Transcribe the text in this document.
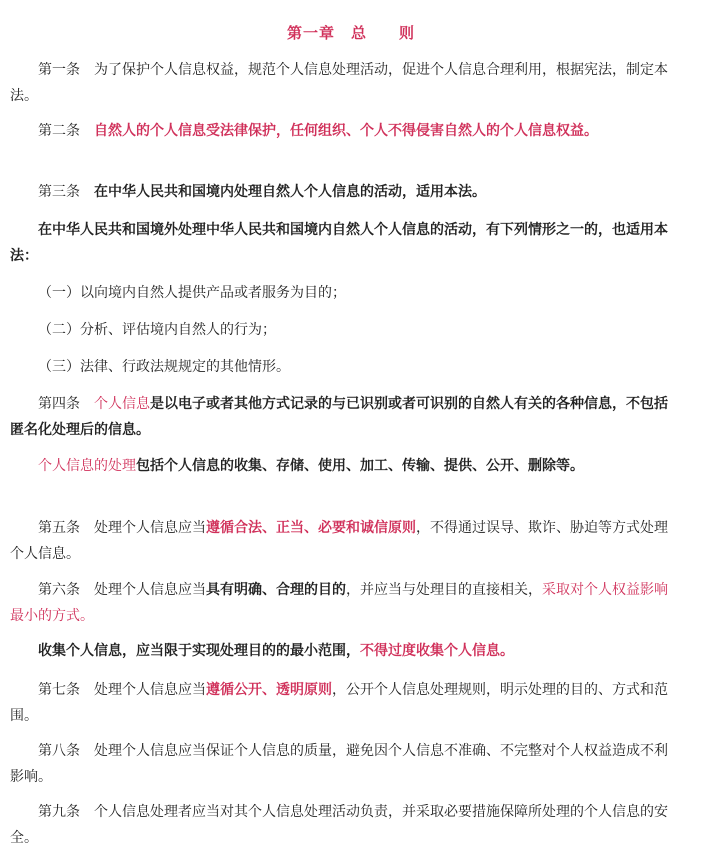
第一章　总　　则
第一条 为了保护个人信息权益，规范个人信息处理活动，促进个人信息合理利用，根据宪法，制定本法。
第二条 自然人的个人信息受法律保护，任何组织、个人不得侵害自然人的个人信息权益。
第三条 在中华人民共和国境内处理自然人个人信息的活动，适用本法。
在中华人民共和国境外处理中华人民共和国境内自然人个人信息的活动，有下列情形之一的，也适用本法：
（一）以向境内自然人提供产品或者服务为目的；
（二）分析、评估境内自然人的行为；
（三）法律、行政法规规定的其他情形。
第四条 个人信息是以电子或者其他方式记录的与已识别或者可识别的自然人有关的各种信息，不包括匿名化处理后的信息。
个人信息的处理包括个人信息的收集、存储、使用、加工、传输、提供、公开、删除等。
第五条 处理个人信息应当遵循合法、正当、必要和诚信原则，不得通过误导、欺诈、胁迫等方式处理个人信息。
第六条 处理个人信息应当具有明确、合理的目的，并应当与处理目的直接相关，采取对个人权益影响最小的方式。
收集个人信息，应当限于实现处理目的的最小范围，不得过度收集个人信息。
第七条 处理个人信息应当遵循公开、透明原则，公开个人信息处理规则，明示处理的目的、方式和范围。
第八条 处理个人信息应当保证个人信息的质量，避免因个人信息不准确、不完整对个人权益造成不利影响。
第九条 个人信息处理者应当对其个人信息处理活动负责，并采取必要措施保障所处理的个人信息的安全。
